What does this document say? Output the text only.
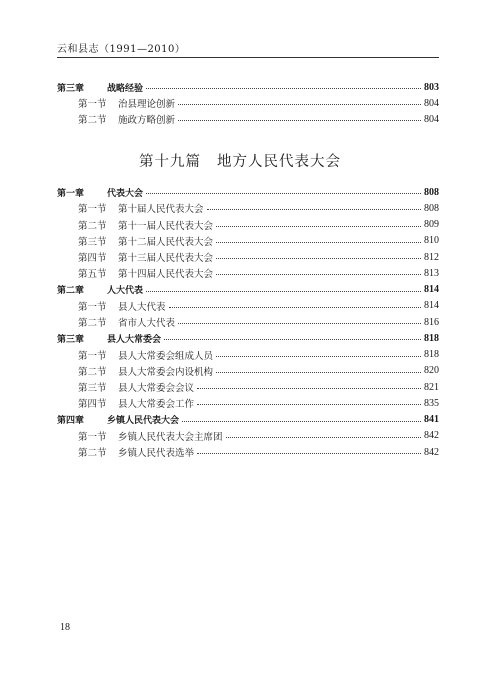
云和县志（1991—2010）
第三章	战略经验	803
第一节	治县理论创新	804
第二节	施政方略创新	804
第十九篇 地方人民代表大会
第一章	代表大会	808
第一节	第十届人民代表大会	808
第二节	第十一届人民代表大会	809
第三节	第十二届人民代表大会	810
第四节	第十三届人民代表大会	812
第五节	第十四届人民代表大会	813
第二章	人大代表	814
第一节	县人大代表	814
第二节	省市人大代表	816
第三章	县人大常委会	818
第一节	县人大常委会组成人员	818
第二节	县人大常委会内设机构	820
第三节	县人大常委会会议	821
第四节	县人大常委会工作	835
第四章	乡镇人民代表大会	841
第一节	乡镇人民代表大会主席团	842
第二节	乡镇人民代表选举	842
18
